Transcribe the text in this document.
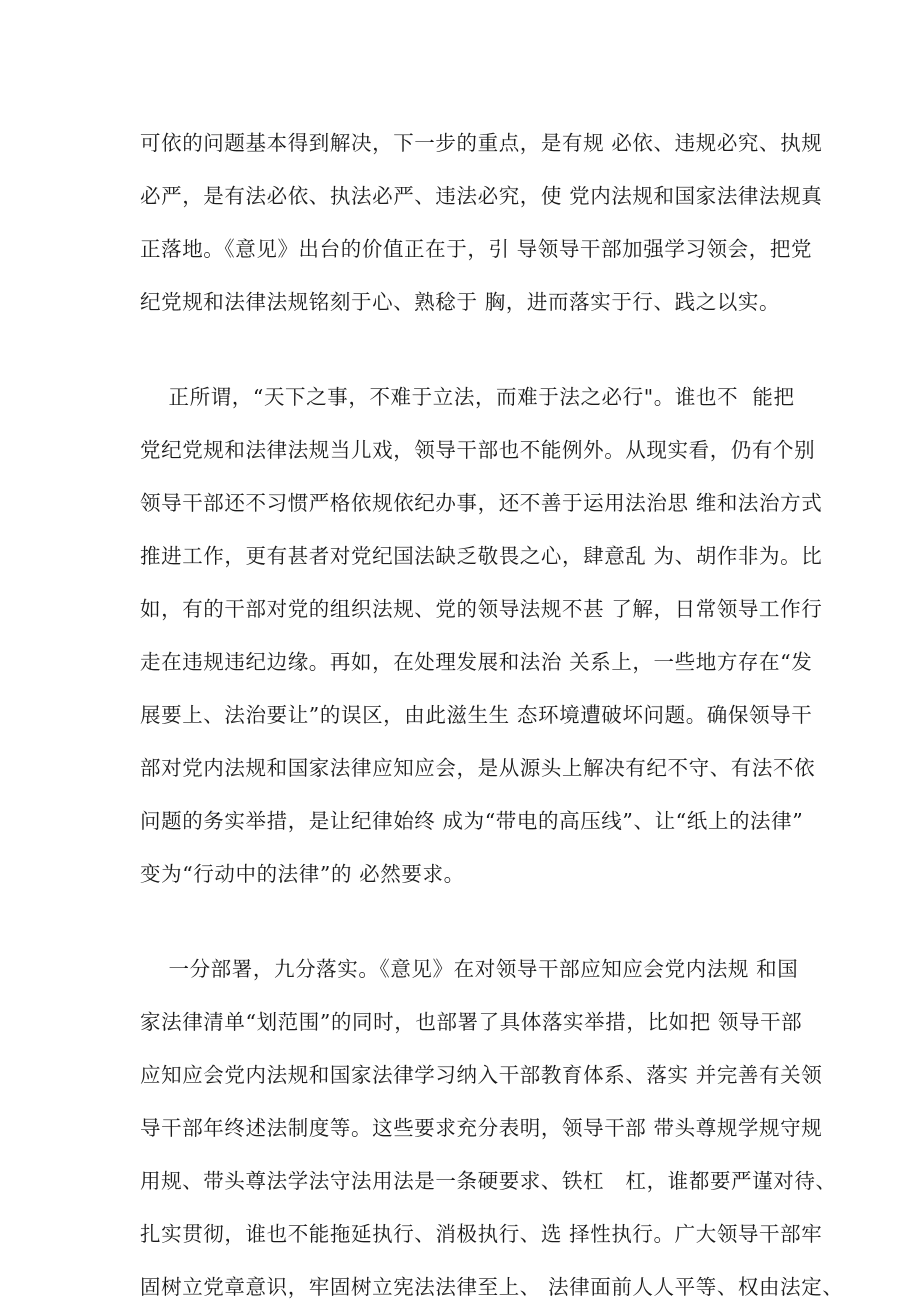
可依的问题基本得到解决，下一步的重点，是有规 必依、违规必究、执规
必严，是有法必依、执法必严、违法必究，使 党内法规和国家法律法规真
正落地。《意见》出台的价值正在于，引 导领导干部加强学习领会，把党
纪党规和法律法规铭刻于心、熟稔于 胸，进而落实于行、践之以实。
正所谓，“天下之事，不难于立法，而难于法之必行"。谁也不  能把
党纪党规和法律法规当儿戏，领导干部也不能例外。从现实看，仍有个别
领导干部还不习惯严格依规依纪办事，还不善于运用法治思 维和法治方式
推进工作，更有甚者对党纪国法缺乏敬畏之心，肆意乱 为、胡作非为。比
如，有的干部对党的组织法规、党的领导法规不甚 了解，日常领导工作行
走在违规违纪边缘。再如，在处理发展和法治 关系上，一些地方存在“发
展要上、法治要让”的误区，由此滋生生 态环境遭破坏问题。确保领导干
部对党内法规和国家法律应知应会，是从源头上解决有纪不守、有法不依
问题的务实举措，是让纪律始终 成为“带电的高压线”、让“纸上的法律”
变为“行动中的法律”的 必然要求。
一分部署，九分落实。《意见》在对领导干部应知应会党内法规 和国
家法律清单“划范围”的同时，也部署了具体落实举措，比如把 领导干部
应知应会党内法规和国家法律学习纳入干部教育体系、落实 并完善有关领
导干部年终述法制度等。这些要求充分表明，领导干部 带头尊规学规守规
用规、带头尊法学法守法用法是一条硬要求、铁杠   杠，谁都要严谨对待、
扎实贯彻，谁也不能拖延执行、消极执行、选 择性执行。广大领导干部牢
固树立党章意识，牢固树立宪法法律至上、 法律面前人人平等、权由法定、
